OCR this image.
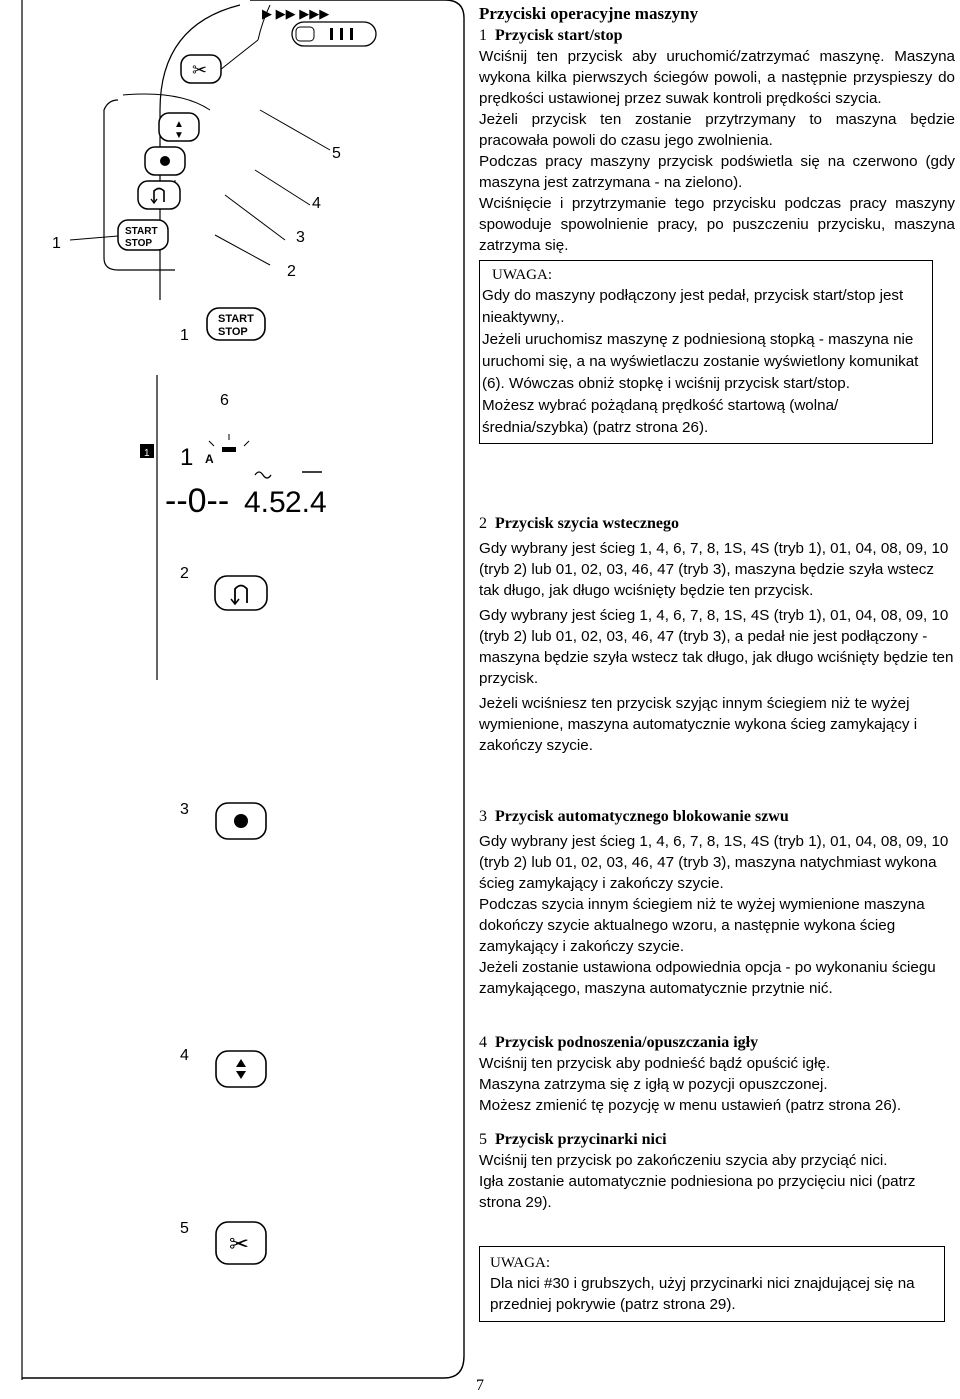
▶ ▶▶ ▶▶▶
✂
▲
▼
START
STOP
1
2
3
4
5
1
START
STOP
6
1 1 A
--0-- 4.5 2.4
2
3
4
5
✂
Przyciski operacyjne maszyny
1 Przycisk start/stop

Wciśnij ten przycisk aby uruchomić/zatrzymać maszynę. Maszyna wykona kilka pierwszych ściegów powoli, a następnie przyspieszy do prędkości ustawionej przez suwak kontroli prędkości szycia.

Jeżeli przycisk ten zostanie przytrzymany to maszyna będzie pracowała powoli do czasu jego zwolnienia.

Podczas pracy maszyny przycisk podświetla się na czerwono (gdy maszyna jest zatrzymana - na zielono).

Wciśnięcie i przytrzymanie tego przycisku podczas pracy maszyny spowoduje spowolnienie pracy, po puszczeniu przycisku, maszyna zatrzyma się.

UWAGA:

Gdy do maszyny podłączony jest pedał, przycisk start/stop jest nieaktywny,.

Jeżeli uruchomisz maszynę z podniesioną stopką - maszyna nie uruchomi się, a na wyświetlaczu zostanie wyświetlony komunikat (6). Wówczas obniż stopkę i wciśnij przycisk start/stop.

Możesz wybrać pożądaną prędkość startową (wolna/średnia/szybka) (patrz strona 26).

2 Przycisk szycia wstecznego

Gdy wybrany jest ścieg 1, 4, 6, 7, 8, 1S, 4S (tryb 1), 01, 04, 08, 09, 10 (tryb 2) lub 01, 02, 03, 46, 47 (tryb 3), maszyna będzie szyła wstecz tak długo, jak długo wciśnięty będzie ten przycisk.

Gdy wybrany jest ścieg 1, 4, 6, 7, 8, 1S, 4S (tryb 1), 01, 04, 08, 09, 10 (tryb 2) lub 01, 02, 03, 46, 47 (tryb 3), a pedał nie jest podłączony - maszyna będzie szyła wstecz tak długo, jak długo wciśnięty będzie ten przycisk.

Jeżeli wciśniesz ten przycisk szyjąc innym ściegiem niż te wyżej wymienione, maszyna automatycznie wykona ścieg zamykający i zakończy szycie.

3 Przycisk automatycznego blokowanie szwu

Gdy wybrany jest ścieg 1, 4, 6, 7, 8, 1S, 4S (tryb 1), 01, 04, 08, 09, 10 (tryb 2) lub 01, 02, 03, 46, 47 (tryb 3), maszyna natychmiast wykona ścieg zamykający i zakończy szycie.

Podczas szycia innym ściegiem niż te wyżej wymienione maszyna dokończy szycie aktualnego wzoru, a następnie wykona ścieg zamykający i zakończy szycie.

Jeżeli zostanie ustawiona odpowiednia opcja - po wykonaniu ściegu zamykającego, maszyna automatycznie przytnie nić.

4 Przycisk podnoszenia/opuszczania igły

Wciśnij ten przycisk aby podnieść bądź opuścić igłę.

Maszyna zatrzyma się z igłą w pozycji opuszczonej.

Możesz zmienić tę pozycję w menu ustawień (patrz strona 26).

5 Przycisk przycinarki nici

Wciśnij ten przycisk po zakończeniu szycia aby przyciąć nici.

Igła zostanie automatycznie podniesiona po przycięciu nici (patrz strona 29).

UWAGA:

Dla nici #30 i grubszych, użyj przycinarki nici znajdującej się na przedniej pokrywie (patrz strona 29).

7
